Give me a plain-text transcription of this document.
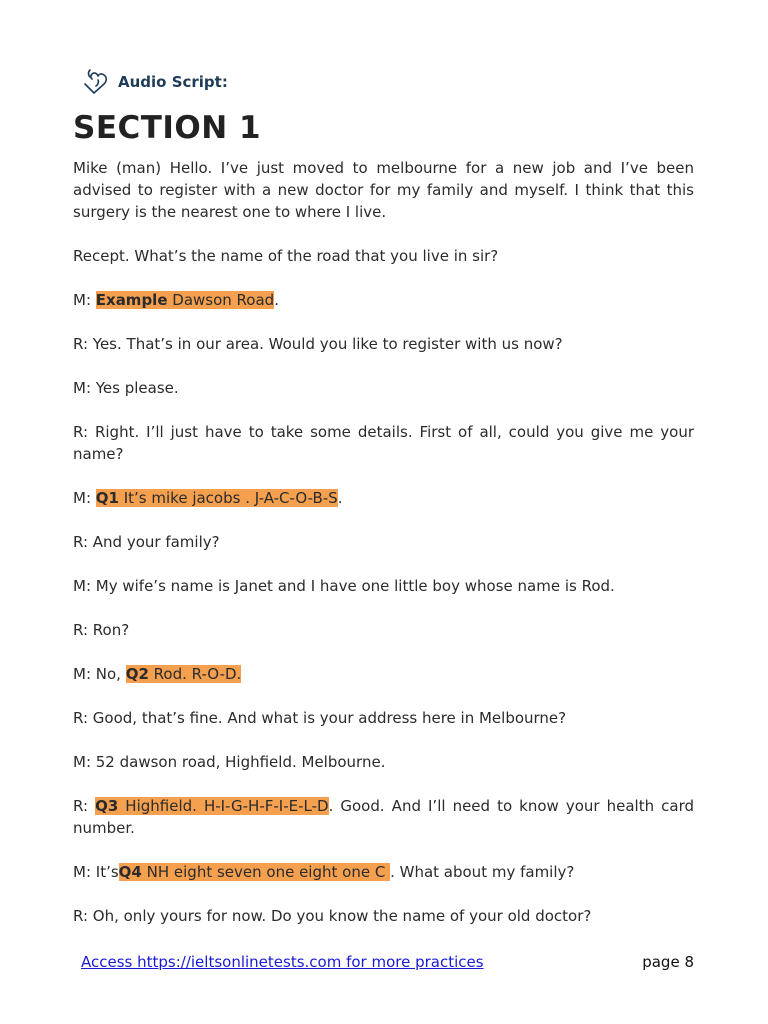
Audio Script:
SECTION 1

Mike (man) Hello. I’ve just moved to melbourne for a new job and I’ve been advised to register with a new doctor for my family and myself. I think that this surgery is the nearest one to where I live.

Recept. What’s the name of the road that you live in sir?

M: Example Dawson Road.

R: Yes. That’s in our area. Would you like to register with us now?

M: Yes please.

R: Right. I’ll just have to take some details. First of all, could you give me your name?

M: Q1 It’s mike jacobs . J-A-C-O-B-S.

R: And your family?

M: My wife’s name is Janet and I have one little boy whose name is Rod.

R: Ron?

M: No, Q2 Rod. R-O-D.

R: Good, that’s fine. And what is your address here in Melbourne?

M: 52 dawson road, Highfield. Melbourne.

R: Q3 Highfield. H-I-G-H-F-I-E-L-D. Good. And I’ll need to know your health card number.

M: It’sQ4 NH eight seven one eight one C . What about my family?

R: Oh, only yours for now. Do you know the name of your old doctor?

Access https://ieltsonlinetests.com for more practices	page 8
